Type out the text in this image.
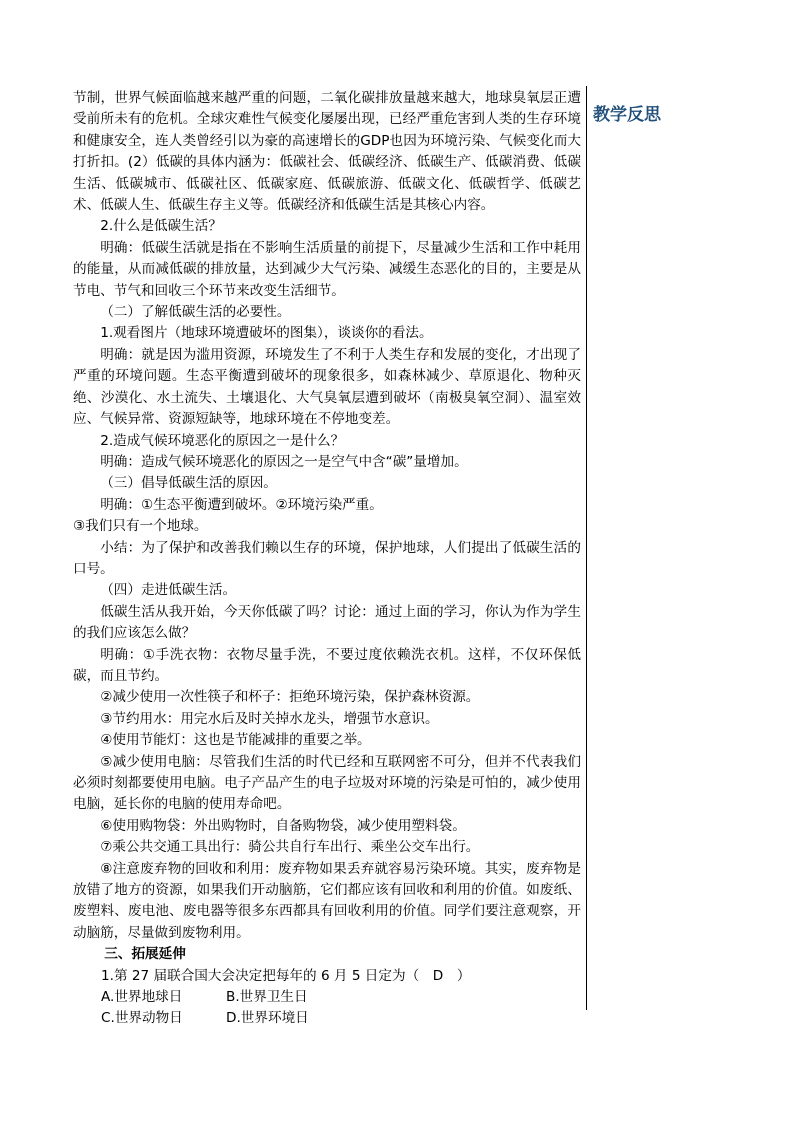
教学反思

节制，世界气候面临越来越严重的问题，二氧化碳排放量越来越大，地球臭氧层正遭受前所未有的危机。全球灾难性气候变化屡屡出现，已经严重危害到人类的生存环境和健康安全，连人类曾经引以为豪的高速增长的GDP也因为环境污染、气候变化而大打折扣。(2）低碳的具体内涵为：低碳社会、低碳经济、低碳生产、低碳消费、低碳生活、低碳城市、低碳社区、低碳家庭、低碳旅游、低碳文化、低碳哲学、低碳艺术、低碳人生、低碳生存主义等。低碳经济和低碳生活是其核心内容。

2.什么是低碳生活？

明确：低碳生活就是指在不影响生活质量的前提下，尽量减少生活和工作中耗用的能量，从而减低碳的排放量，达到减少大气污染、减缓生态恶化的目的，主要是从节电、节气和回收三个环节来改变生活细节。

（二）了解低碳生活的必要性。

1.观看图片（地球环境遭破坏的图集），谈谈你的看法。

明确：就是因为滥用资源，环境发生了不利于人类生存和发展的变化，才出现了严重的环境问题。生态平衡遭到破坏的现象很多，如森林减少、草原退化、物种灭绝、沙漠化、水土流失、土壤退化、大气臭氧层遭到破坏（南极臭氧空洞）、温室效应、气候异常、资源短缺等，地球环境在不停地变差。

2.造成气候环境恶化的原因之一是什么？

明确：造成气候环境恶化的原因之一是空气中含“碳”量增加。

（三）倡导低碳生活的原因。

明确：①生态平衡遭到破坏。②环境污染严重。

③我们只有一个地球。

小结：为了保护和改善我们赖以生存的环境，保护地球，人们提出了低碳生活的口号。

（四）走进低碳生活。

低碳生活从我开始，今天你低碳了吗？讨论：通过上面的学习，你认为作为学生的我们应该怎么做？

明确：①手洗衣物：衣物尽量手洗，不要过度依赖洗衣机。这样，不仅环保低碳，而且节约。

②减少使用一次性筷子和杯子：拒绝环境污染，保护森林资源。

③节约用水：用完水后及时关掉水龙头，增强节水意识。

④使用节能灯：这也是节能减排的重要之举。

⑤减少使用电脑：尽管我们生活的时代已经和互联网密不可分，但并不代表我们必须时刻都要使用电脑。电子产品产生的电子垃圾对环境的污染是可怕的，减少使用电脑，延长你的电脑的使用寿命吧。

⑥使用购物袋：外出购物时，自备购物袋，减少使用塑料袋。

⑦乘公共交通工具出行：骑公共自行车出行、乘坐公交车出行。

⑧注意废弃物的回收和利用：废弃物如果丢弃就容易污染环境。其实，废弃物是放错了地方的资源，如果我们开动脑筋，它们都应该有回收和利用的价值。如废纸、废塑料、废电池、废电器等很多东西都具有回收利用的价值。同学们要注意观察，开动脑筋，尽量做到废物利用。

三、拓展延伸

1.第 27 届联合国大会决定把每年的 6 月 5 日定为（　D　）

A.世界地球日	B.世界卫生日
C.世界动物日	D.世界环境日
